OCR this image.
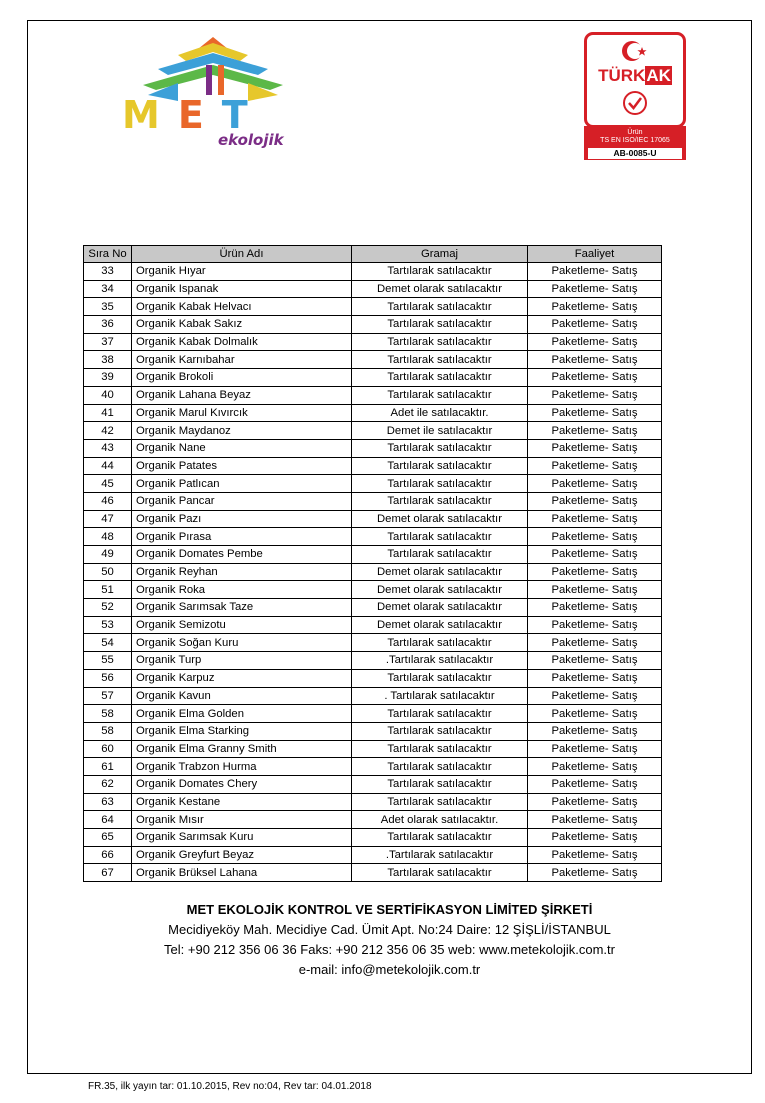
MET
ekolojik
TÜRKAK
Ürün
TS EN ISO/IEC 17065
AB-0085-U
Sıra No	Ürün Adı	Gramaj	Faaliyet
33	Organik Hıyar	Tartılarak satılacaktır	Paketleme- Satış
34	Organik Ispanak	Demet olarak satılacaktır	Paketleme- Satış
35	Organik Kabak Helvacı	Tartılarak satılacaktır	Paketleme- Satış
36	Organik Kabak Sakız	Tartılarak satılacaktır	Paketleme- Satış
37	Organik Kabak Dolmalık	Tartılarak satılacaktır	Paketleme- Satış
38	Organik Karnıbahar	Tartılarak satılacaktır	Paketleme- Satış
39	Organik Brokoli	Tartılarak satılacaktır	Paketleme- Satış
40	Organik Lahana Beyaz	Tartılarak satılacaktır	Paketleme- Satış
41	Organik Marul Kıvırcık	Adet ile satılacaktır.	Paketleme- Satış
42	Organik Maydanoz	Demet ile satılacaktır	Paketleme- Satış
43	Organik Nane	Tartılarak satılacaktır	Paketleme- Satış
44	Organik Patates	Tartılarak satılacaktır	Paketleme- Satış
45	Organik Patlıcan	Tartılarak satılacaktır	Paketleme- Satış
46	Organik Pancar	Tartılarak satılacaktır	Paketleme- Satış
47	Organik Pazı	Demet olarak satılacaktır	Paketleme- Satış
48	Organik Pırasa	Tartılarak satılacaktır	Paketleme- Satış
49	Organik Domates Pembe	Tartılarak satılacaktır	Paketleme- Satış
50	Organik Reyhan	Demet olarak satılacaktır	Paketleme- Satış
51	Organik Roka	Demet olarak satılacaktır	Paketleme- Satış
52	Organik Sarımsak Taze	Demet olarak satılacaktır	Paketleme- Satış
53	Organik Semizotu	Demet olarak satılacaktır	Paketleme- Satış
54	Organik Soğan Kuru	Tartılarak satılacaktır	Paketleme- Satış
55	Organik Turp	.Tartılarak satılacaktır	Paketleme- Satış
56	Organik Karpuz	Tartılarak satılacaktır	Paketleme- Satış
57	Organik Kavun	. Tartılarak satılacaktır	Paketleme- Satış
58	Organik Elma Golden	Tartılarak satılacaktır	Paketleme- Satış
58	Organik Elma Starking	Tartılarak satılacaktır	Paketleme- Satış
60	Organik Elma Granny Smith	Tartılarak satılacaktır	Paketleme- Satış
61	Organik Trabzon Hurma	Tartılarak satılacaktır	Paketleme- Satış
62	Organik Domates Chery	Tartılarak satılacaktır	Paketleme- Satış
63	Organik Kestane	Tartılarak satılacaktır	Paketleme- Satış
64	Organik Mısır	Adet olarak satılacaktır.	Paketleme- Satış
65	Organik Sarımsak Kuru	Tartılarak satılacaktır	Paketleme- Satış
66	Organik Greyfurt Beyaz	.Tartılarak satılacaktır	Paketleme- Satış
67	Organik Brüksel Lahana	Tartılarak satılacaktır	Paketleme- Satış
MET EKOLOJİK KONTROL VE SERTİFİKASYON LİMİTED ŞİRKETİ
Mecidiyeköy Mah. Mecidiye Cad. Ümit Apt. No:24 Daire: 12 ŞİŞLİ/İSTANBUL
Tel: +90 212 356 06 36 Faks: +90 212 356 06 35 web: www.metekolojik.com.tr
e-mail: info@metekolojik.com.tr
FR.35, ilk yayın tar: 01.10.2015, Rev no:04, Rev tar: 04.01.2018
